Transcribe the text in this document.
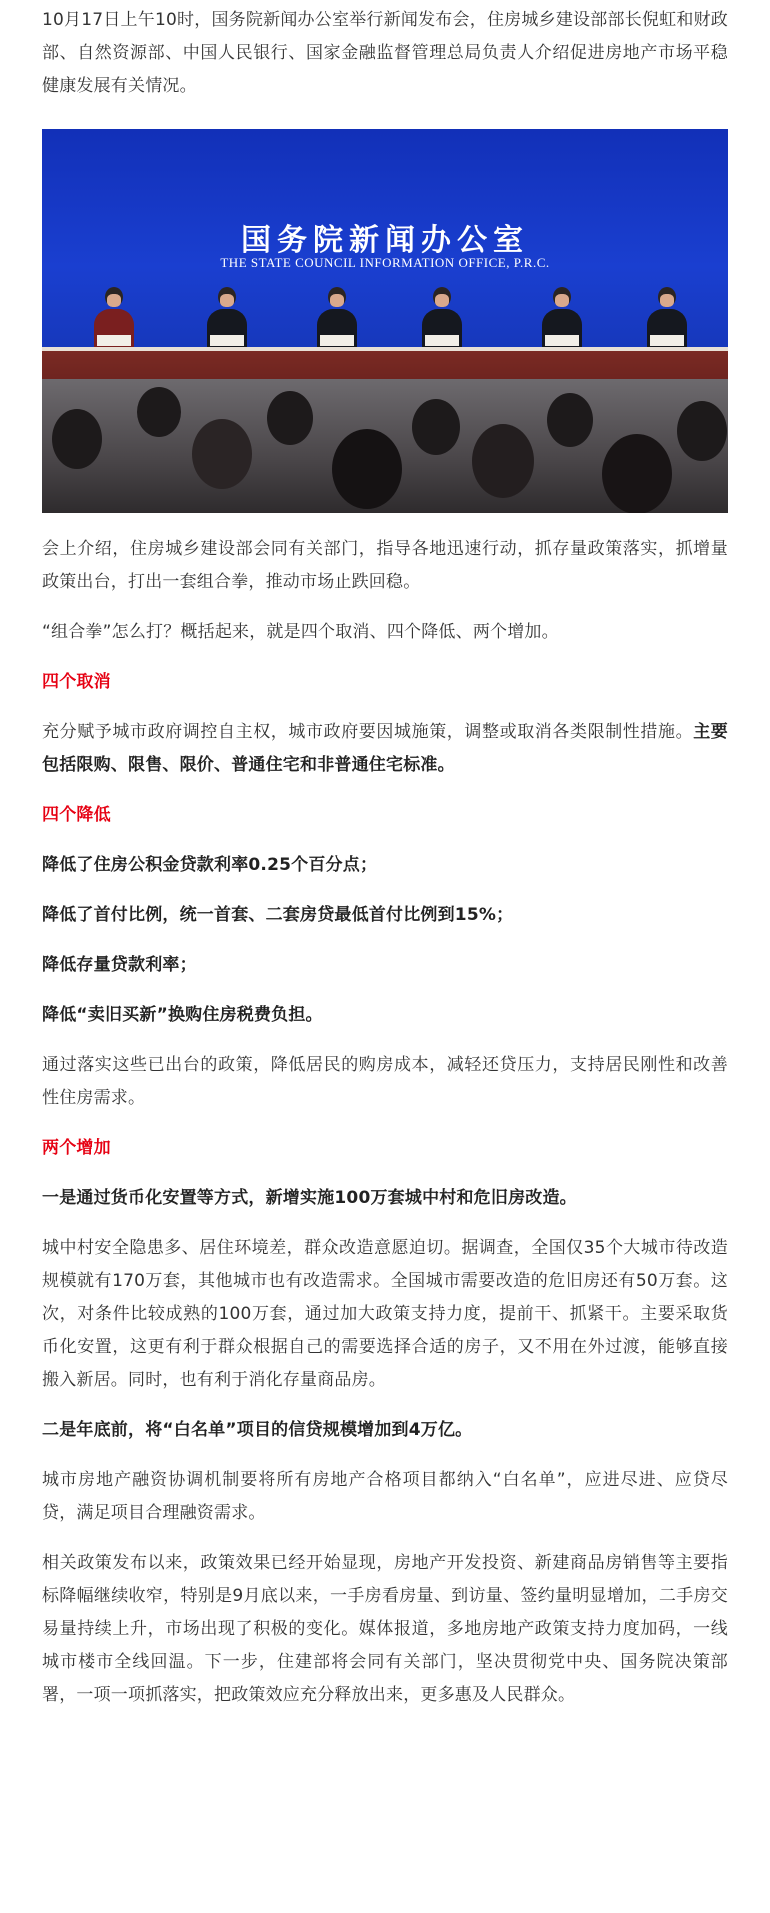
10月17日上午10时，国务院新闻办公室举行新闻发布会，住房城乡建设部部长倪虹和财政部、自然资源部、中国人民银行、国家金融监督管理总局负责人介绍促进房地产市场平稳健康发展有关情况。

国务院新闻办公室
THE STATE COUNCIL INFORMATION OFFICE, P.R.C.

会上介绍，住房城乡建设部会同有关部门，指导各地迅速行动，抓存量政策落实，抓增量政策出台，打出一套组合拳，推动市场止跌回稳。

“组合拳”怎么打？概括起来，就是四个取消、四个降低、两个增加。

四个取消

充分赋予城市政府调控自主权，城市政府要因城施策，调整或取消各类限制性措施。主要包括限购、限售、限价、普通住宅和非普通住宅标准。

四个降低

降低了住房公积金贷款利率0.25个百分点；

降低了首付比例，统一首套、二套房贷最低首付比例到15%；

降低存量贷款利率；

降低“卖旧买新”换购住房税费负担。

通过落实这些已出台的政策，降低居民的购房成本，减轻还贷压力，支持居民刚性和改善性住房需求。

两个增加

一是通过货币化安置等方式，新增实施100万套城中村和危旧房改造。

城中村安全隐患多、居住环境差，群众改造意愿迫切。据调查，全国仅35个大城市待改造规模就有170万套，其他城市也有改造需求。全国城市需要改造的危旧房还有50万套。这次，对条件比较成熟的100万套，通过加大政策支持力度，提前干、抓紧干。主要采取货币化安置，这更有利于群众根据自己的需要选择合适的房子，又不用在外过渡，能够直接搬入新居。同时，也有利于消化存量商品房。

二是年底前，将“白名单”项目的信贷规模增加到4万亿。

城市房地产融资协调机制要将所有房地产合格项目都纳入“白名单”，应进尽进、应贷尽贷，满足项目合理融资需求。

相关政策发布以来，政策效果已经开始显现，房地产开发投资、新建商品房销售等主要指标降幅继续收窄，特别是9月底以来，一手房看房量、到访量、签约量明显增加，二手房交易量持续上升，市场出现了积极的变化。媒体报道，多地房地产政策支持力度加码，一线城市楼市全线回温。下一步，住建部将会同有关部门，坚决贯彻党中央、国务院决策部署，一项一项抓落实，把政策效应充分释放出来，更多惠及人民群众。
